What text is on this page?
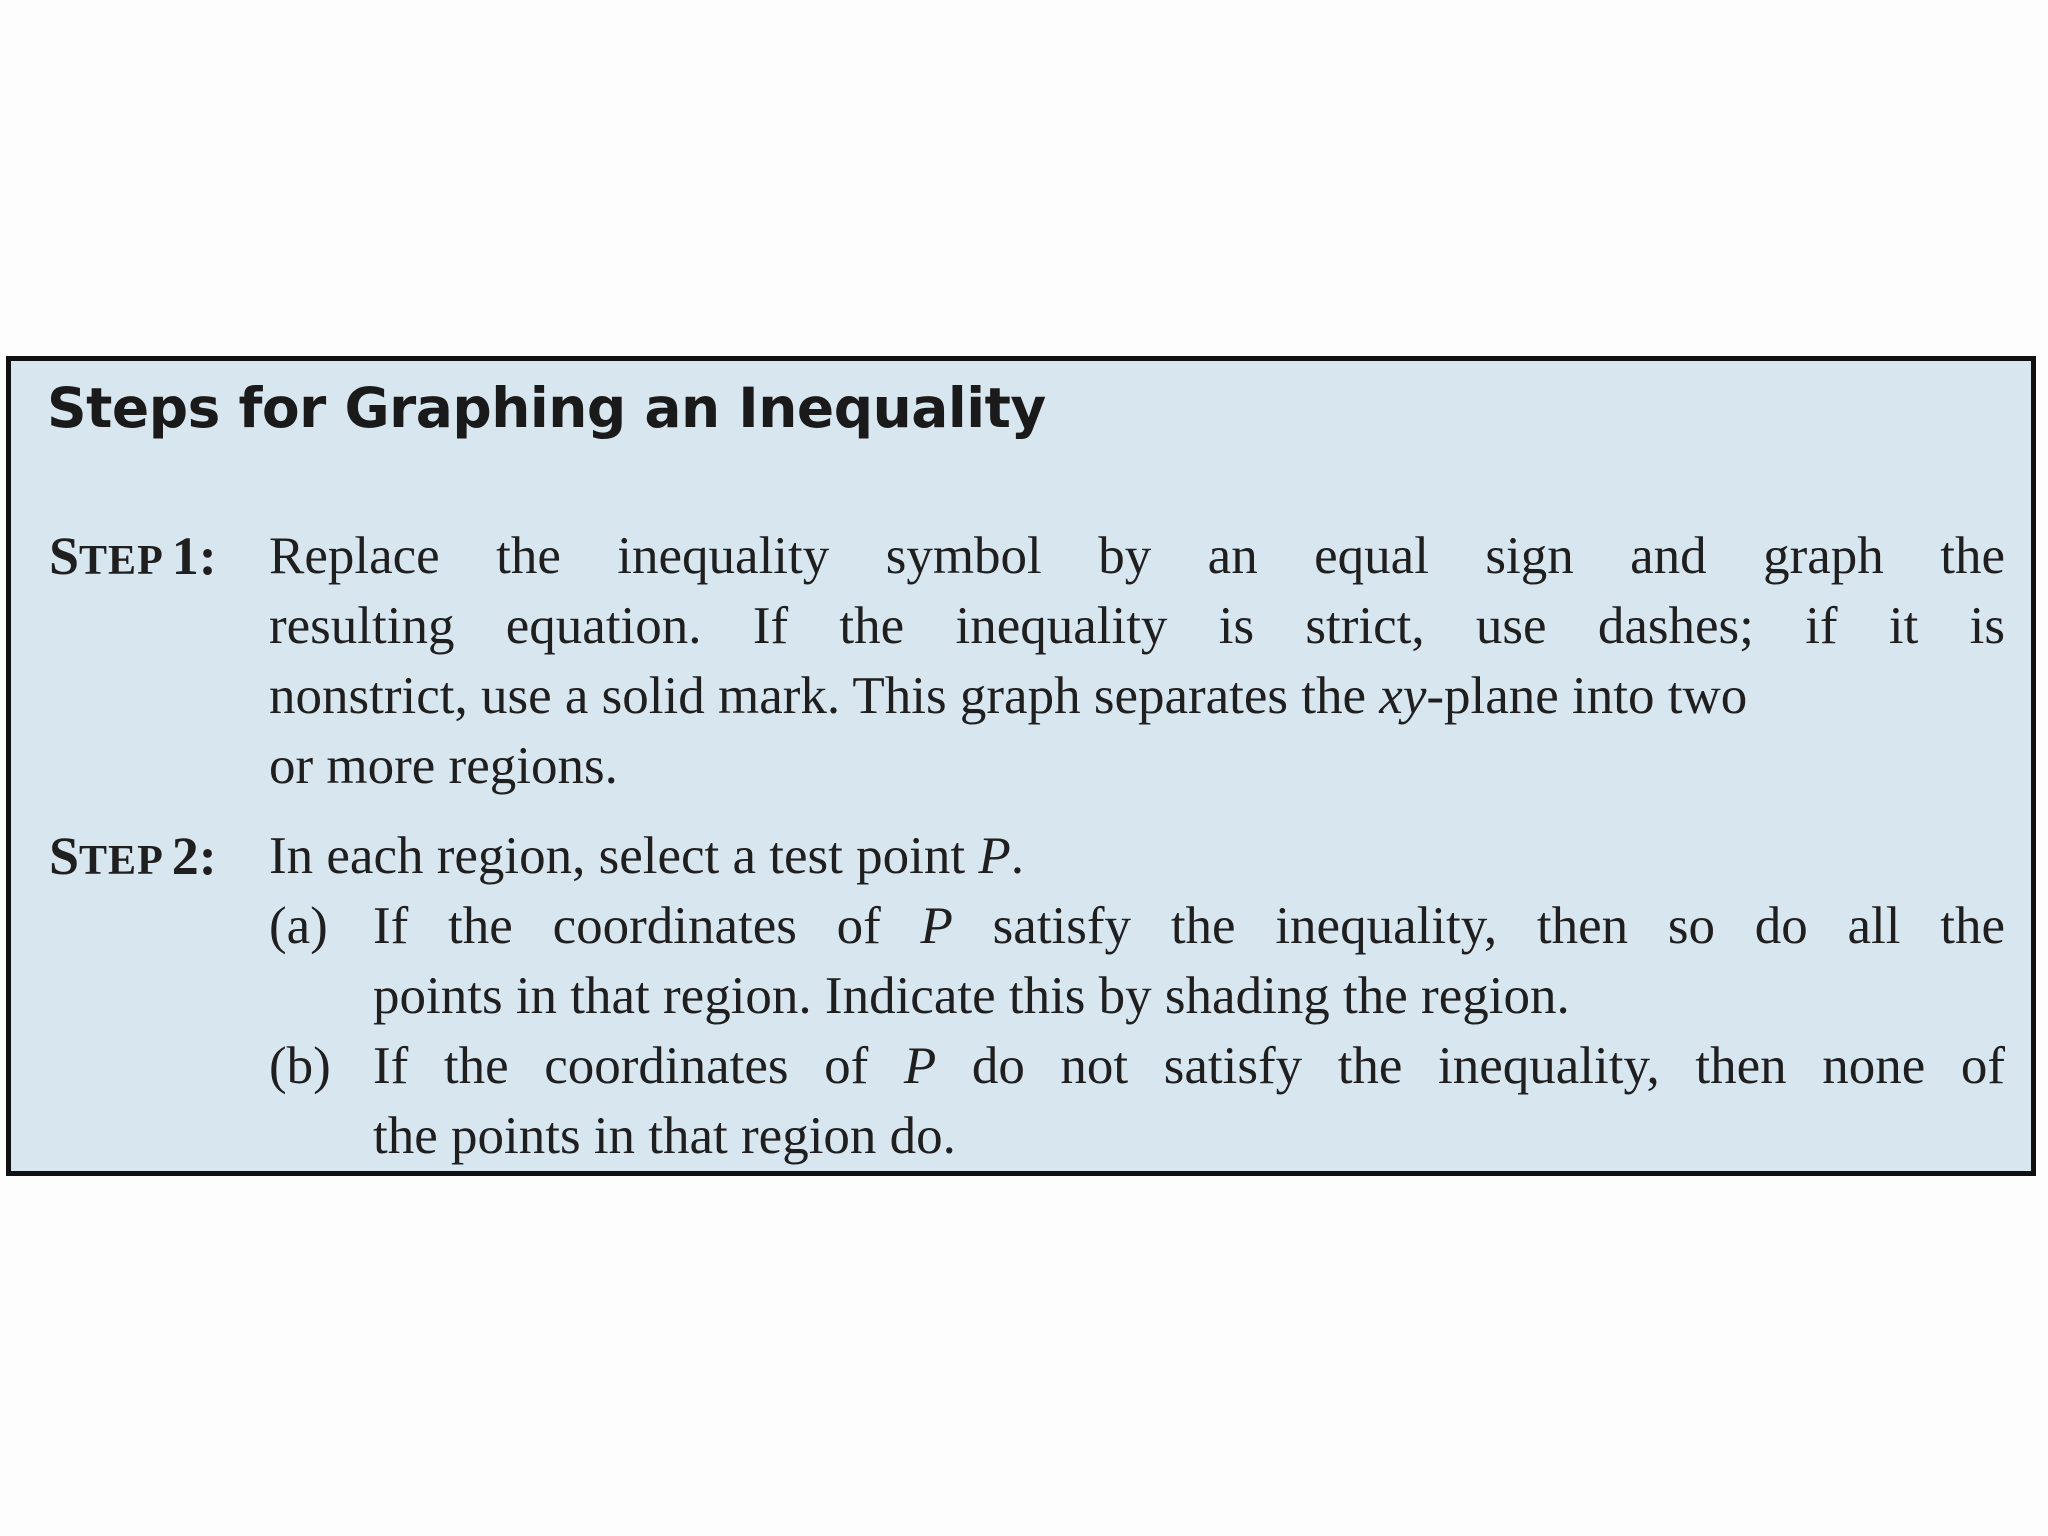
Steps for Graphing an Inequality
STEP 1: Replace the inequality symbol by an equal sign and graph the
resulting equation. If the inequality is strict, use dashes; if it is
nonstrict, use a solid mark. This graph separates the xy-plane into two
or more regions.
STEP 2: In each region, select a test point P.
(a) If the coordinates of P satisfy the inequality, then so do all the
points in that region. Indicate this by shading the region.
(b) If the coordinates of P do not satisfy the inequality, then none of
the points in that region do.
